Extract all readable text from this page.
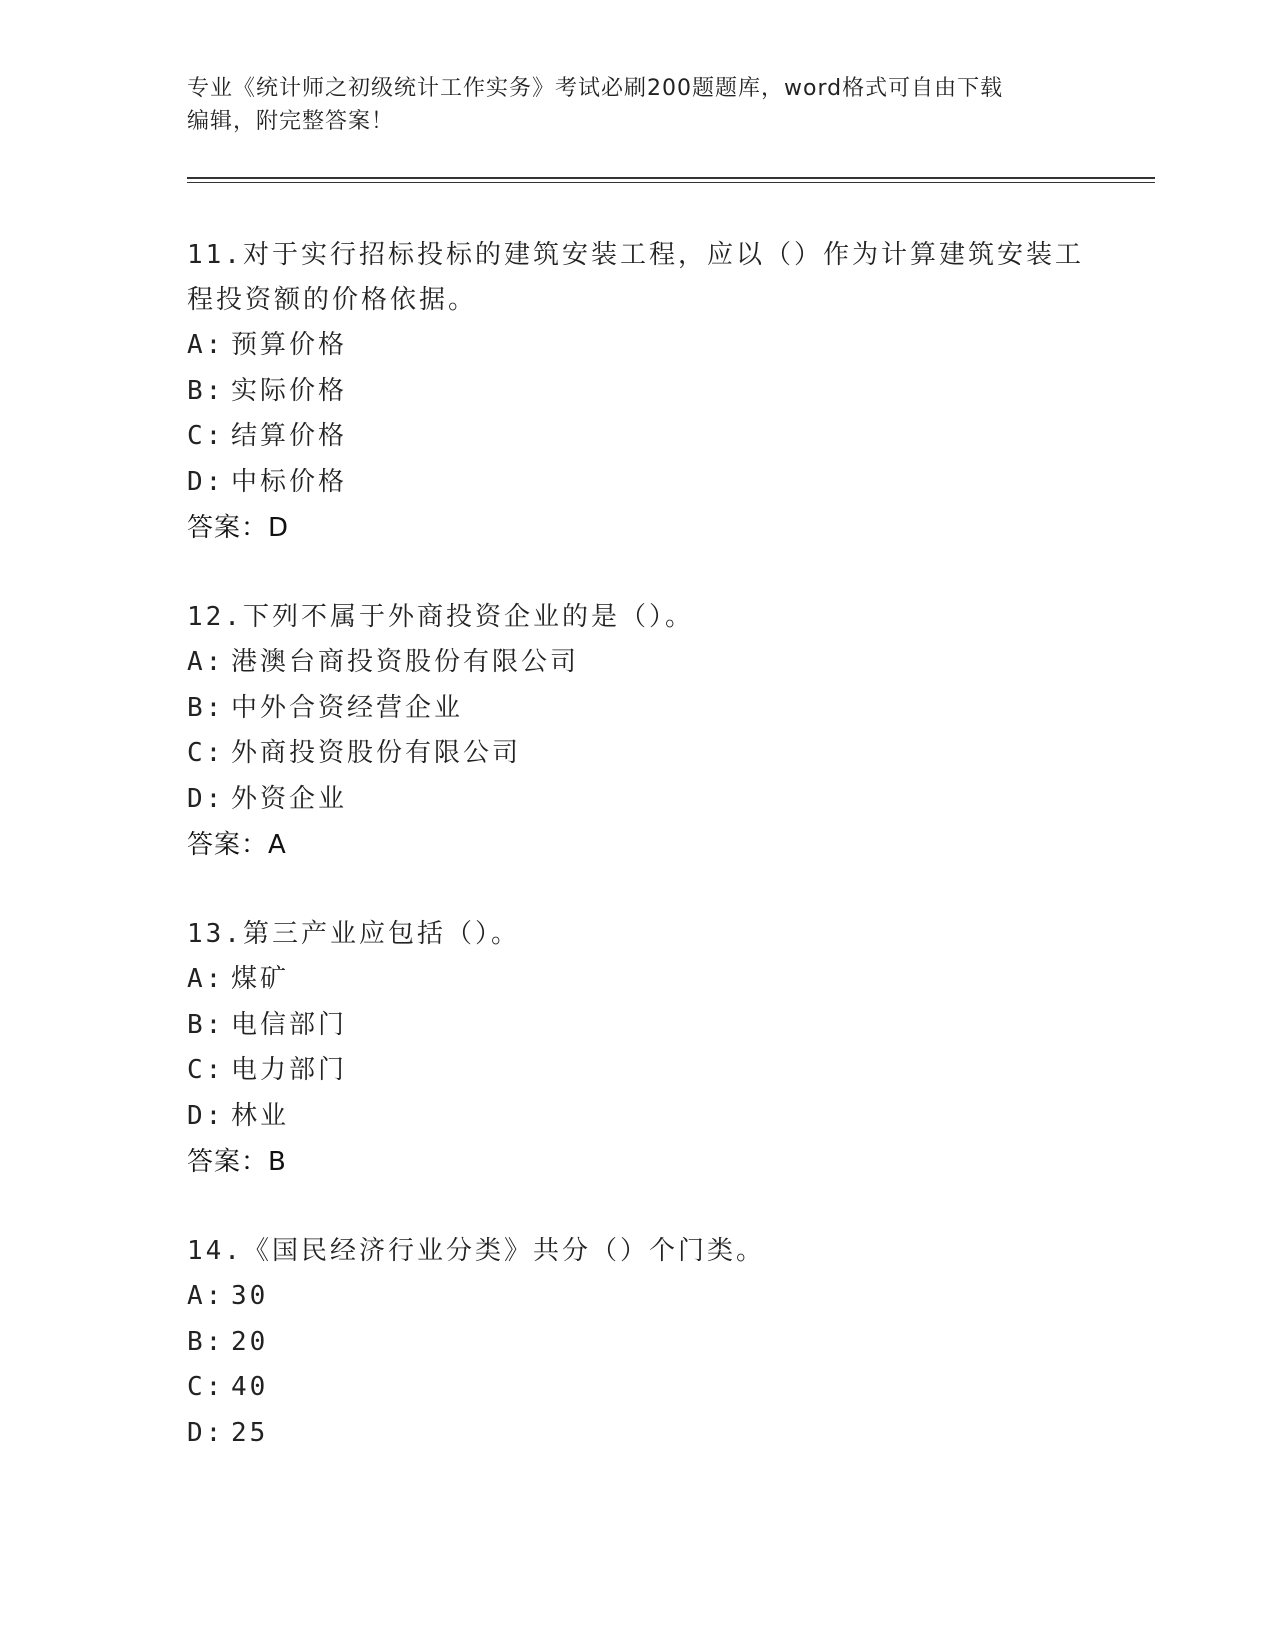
专业《统计师之初级统计工作实务》考试必刷200题题库，word格式可自由下载
编辑，附完整答案！
11.对于实行招标投标的建筑安装工程，应以（）作为计算建筑安装工
程投资额的价格依据。
A: 预算价格
B: 实际价格
C: 结算价格
D: 中标价格
答案：D
12.下列不属于外商投资企业的是（）。
A: 港澳台商投资股份有限公司
B: 中外合资经营企业
C: 外商投资股份有限公司
D: 外资企业
答案：A
13.第三产业应包括（）。
A: 煤矿
B: 电信部门
C: 电力部门
D: 林业
答案：B
14.《国民经济行业分类》共分（）个门类。
A: 30
B: 20
C: 40
D: 25
